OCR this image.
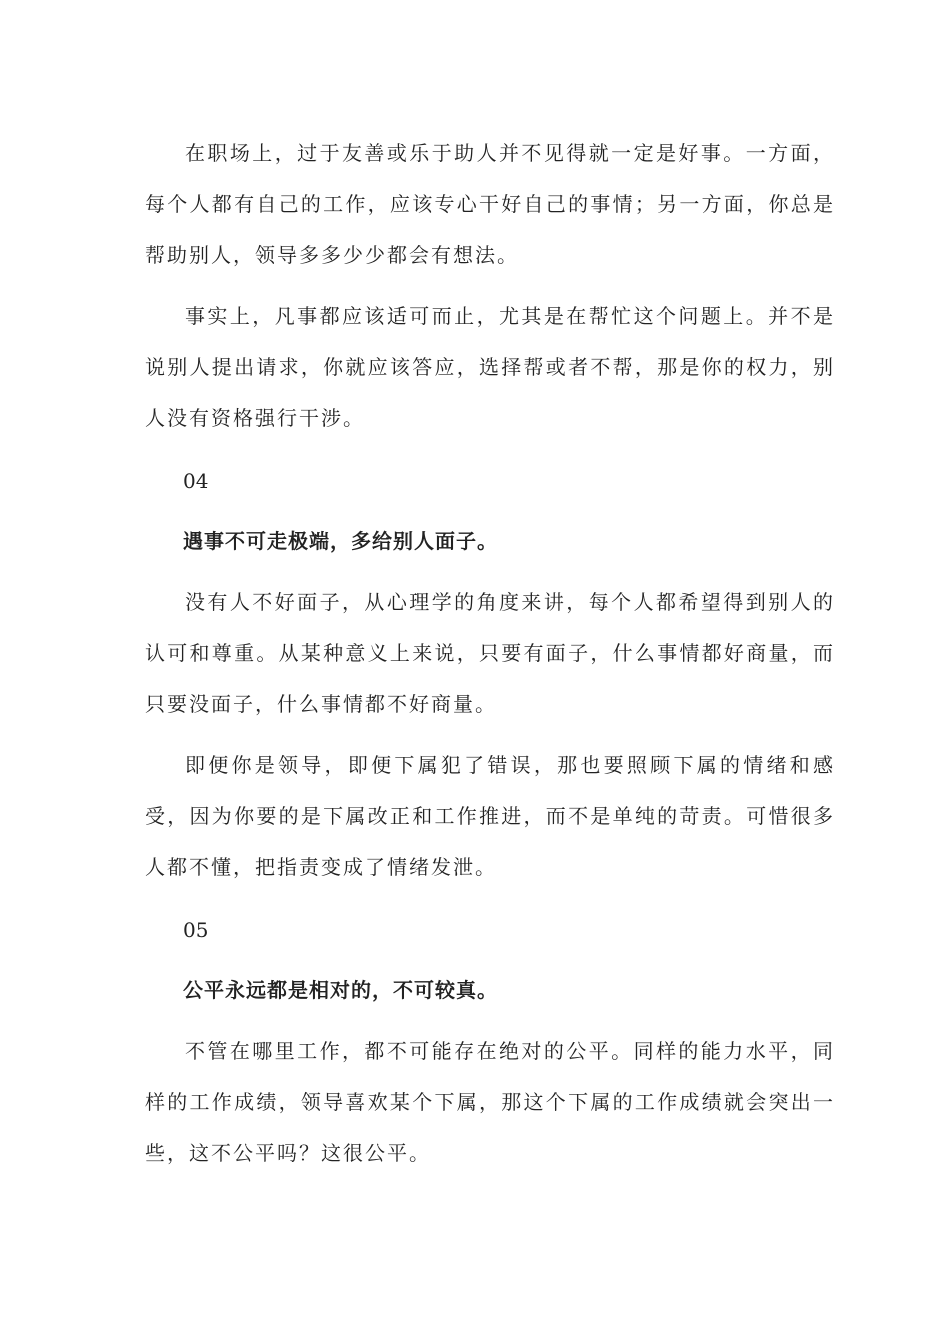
在职场上，过于友善或乐于助人并不见得就一定是好事。一方面，每个人都有自己的工作，应该专心干好自己的事情；另一方面，你总是帮助别人，领导多多少少都会有想法。

事实上，凡事都应该适可而止，尤其是在帮忙这个问题上。并不是说别人提出请求，你就应该答应，选择帮或者不帮，那是你的权力，别人没有资格强行干涉。

04
遇事不可走极端，多给别人面子。

没有人不好面子，从心理学的角度来讲，每个人都希望得到别人的认可和尊重。从某种意义上来说，只要有面子，什么事情都好商量，而只要没面子，什么事情都不好商量。

即便你是领导，即便下属犯了错误，那也要照顾下属的情绪和感受，因为你要的是下属改正和工作推进，而不是单纯的苛责。可惜很多人都不懂，把指责变成了情绪发泄。

05
公平永远都是相对的，不可较真。

不管在哪里工作，都不可能存在绝对的公平。同样的能力水平，同样的工作成绩，领导喜欢某个下属，那这个下属的工作成绩就会突出一些，这不公平吗？这很公平。
